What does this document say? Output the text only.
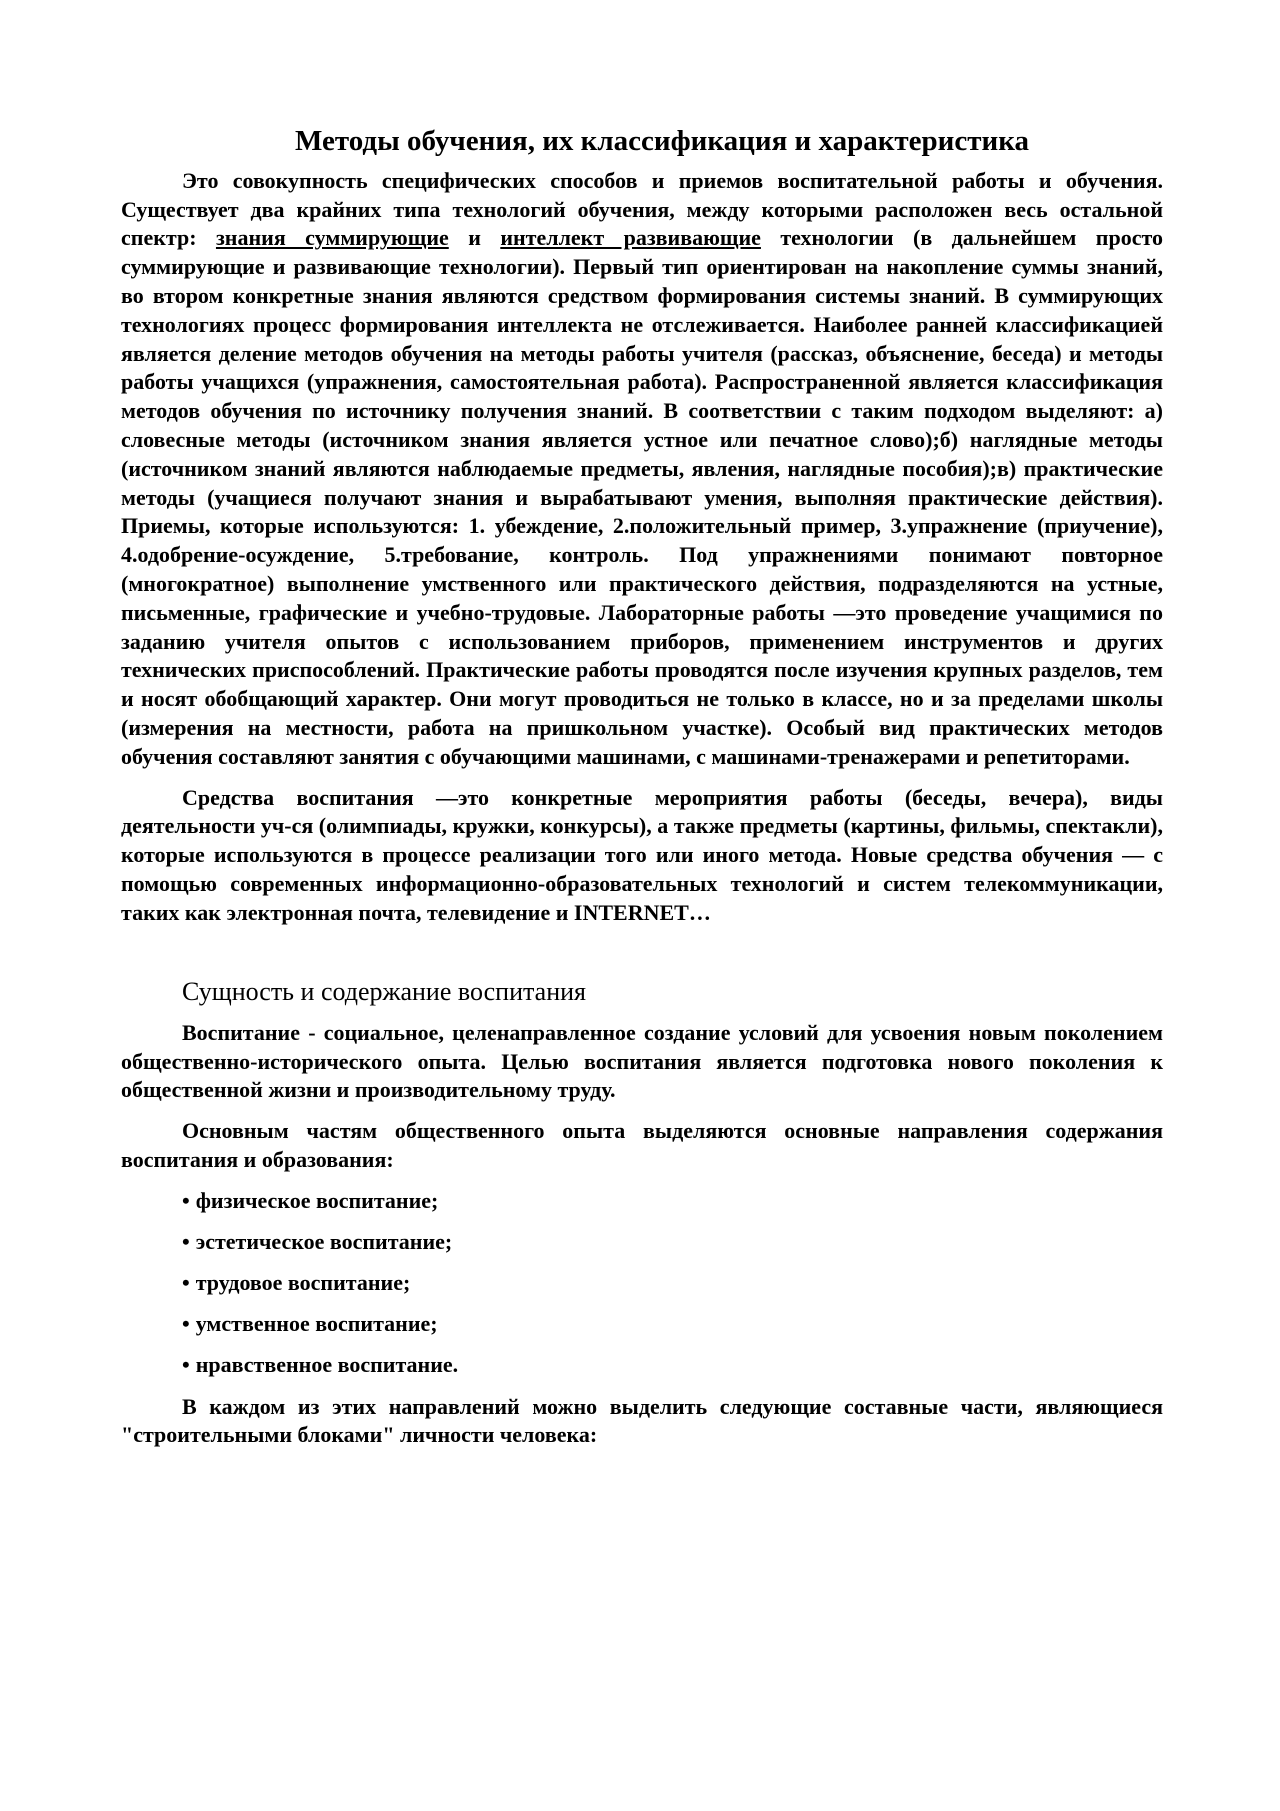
Методы обучения, их классификация и характеристика

Это совокупность специфических способов и приемов воспитательной работы и обучения. Существует два крайних типа технологий обучения, между которыми расположен весь остальной спектр: знания суммирующие и интеллект развивающие технологии (в дальнейшем просто суммирующие и развивающие технологии). Первый тип ориентирован на накопление суммы знаний, во втором конкретные знания являются средством формирования системы знаний. В суммирующих технологиях процесс формирования интеллекта не отслеживается. Наиболее ранней классификацией является деление методов обучения на методы работы учителя (рассказ, объяснение, беседа) и методы работы учащихся (упражнения, самостоятельная работа). Распространенной является классификация методов обучения по источнику получения знаний. В соответствии с таким подходом выделяют: а) словесные методы (источником знания является устное или печатное слово);б) наглядные методы (источником знаний являются наблюдаемые предметы, явления, наглядные пособия);в) практические методы (учащиеся получают знания и вырабатывают умения, выполняя практические действия). Приемы, которые используются: 1. убеждение, 2.положительный пример, 3.упражнение (приучение), 4.одобрение-осуждение, 5.требование, контроль. Под упражнениями понимают повторное (многократное) выполнение умственного или практического действия, подразделяются на устные, письменные, графические и учебно-трудовые. Лабораторные работы —это проведение учащимися по заданию учителя опытов с использованием приборов, применением инструментов и других технических приспособлений. Практические работы проводятся после изучения крупных разделов, тем и носят обобщающий характер. Они могут проводиться не только в классе, но и за пределами школы (измерения на местности, работа на пришкольном участке). Особый вид практических методов обучения составляют занятия с обучающими машинами, с машинами-тренажерами и репетиторами.

Средства воспитания —это конкретные мероприятия работы (беседы, вечера), виды деятельности уч-ся (олимпиады, кружки, конкурсы), а также предметы (картины, фильмы, спектакли), которые используются в процессе реализации того или иного метода. Новые средства обучения — с помощью современных информационно-образовательных технологий и систем телекоммуникации, таких как электронная почта, телевидение и INTERNET…

Сущность и содержание воспитания

Воспитание - социальное, целенаправленное создание условий для усвоения новым поколением общественно-исторического опыта. Целью воспитания является подготовка нового поколения к общественной жизни и производительному труду.

Основным частям общественного опыта выделяются основные направления содержания воспитания и образования:

• физическое воспитание;
• эстетическое воспитание;
• трудовое воспитание;
• умственное воспитание;
• нравственное воспитание.

В каждом из этих направлений можно выделить следующие составные части, являющиеся "строительными блоками" личности человека:
